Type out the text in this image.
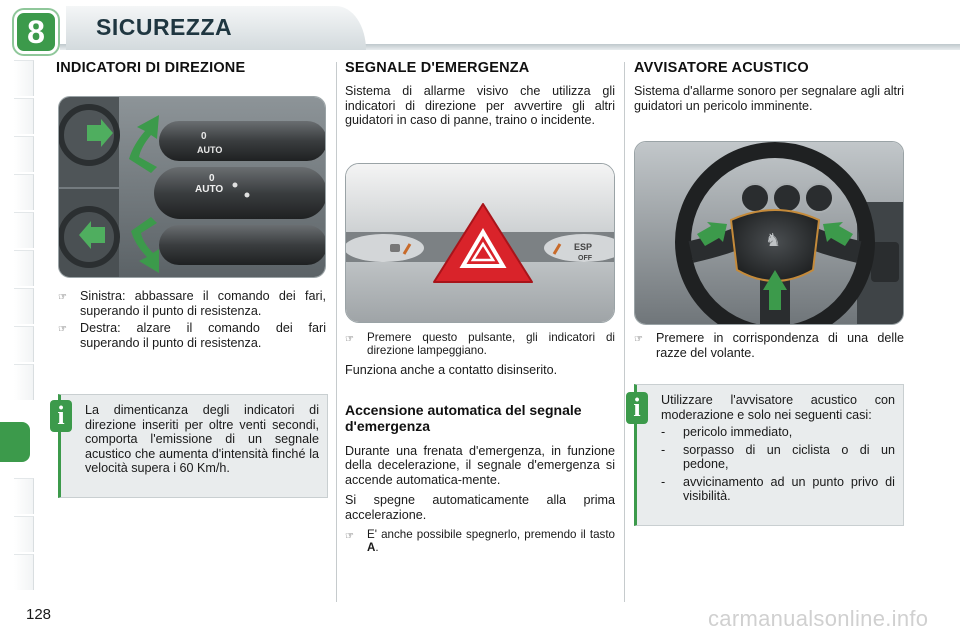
8	SICUREZZA
INDICATORI DI DIREZIONE
0
AUTO
0
AUTO
☞	Sinistra: abbassare il comando dei fari, superando il punto di resistenza.
☞	Destra: alzare il comando dei fari superando il punto di resistenza.
La dimenticanza degli indicatori di direzione inseriti per oltre venti secondi, comporta l'emissione di un segnale acustico che aumenta d'intensità finché la velocità supera i 60 Km/h.
i
SEGNALE D'EMERGENZA

Sistema di allarme visivo che utilizza gli indicatori di direzione per avvertire gli altri guidatori in caso di panne, traino o incidente.

ESP
OFF
☞	Premere questo pulsante, gli indicatori di direzione lampeggiano.

Funziona anche a contatto disinserito.

Accensione automatica del segnale d'emergenza

Durante una frenata d'emergenza, in funzione della decelerazione, il segnale d'emergenza si accende automatica-mente.

Si spegne automaticamente alla prima accelerazione.

☞	E' anche possibile spegnerlo, premendo il tasto A.
AVVISATORE ACUSTICO

Sistema d'allarme sonoro per segnalare agli altri guidatori un pericolo imminente.

♞
☞	Premere in corrispondenza di una delle razze del volante.
Utilizzare l'avvisatore acustico con moderazione e solo nei seguenti casi:
-	pericolo immediato,
-	sorpasso di un ciclista o di un pedone,
-	avvicinamento ad un punto privo di visibilità.
i
128	carmanualsonline.info
